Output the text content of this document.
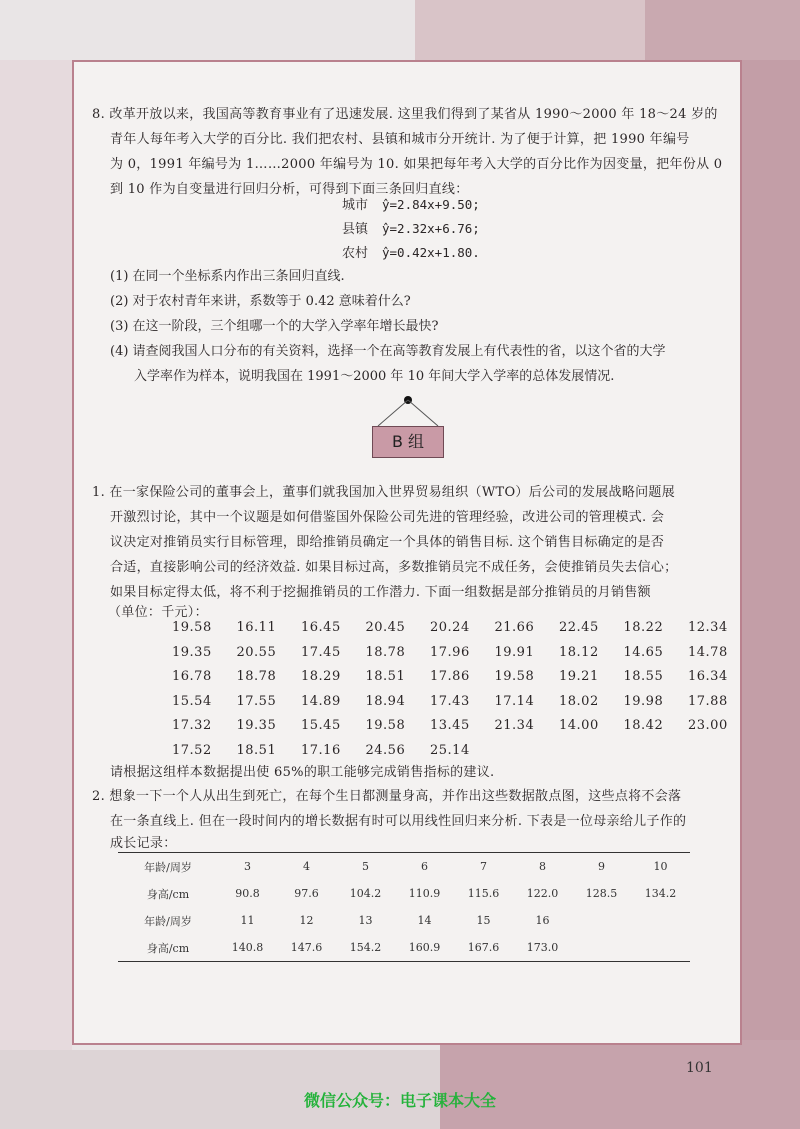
8. 改革开放以来，我国高等教育事业有了迅速发展. 这里我们得到了某省从 1990～2000 年 18～24 岁的
青年人每年考入大学的百分比. 我们把农村、县镇和城市分开统计. 为了便于计算，把 1990 年编号
为 0，1991 年编号为 1……2000 年编号为 10. 如果把每年考入大学的百分比作为因变量，把年份从 0
到 10 作为自变量进行回归分析，可得到下面三条回归直线：
城市 ŷ=2.84x+9.50;
县镇 ŷ=2.32x+6.76;
农村 ŷ=0.42x+1.80.
(1) 在同一个坐标系内作出三条回归直线.
(2) 对于农村青年来讲，系数等于 0.42 意味着什么?
(3) 在这一阶段，三个组哪一个的大学入学率年增长最快?
(4) 请查阅我国人口分布的有关资料，选择一个在高等教育发展上有代表性的省，以这个省的大学
入学率作为样本，说明我国在 1991～2000 年 10 年间大学入学率的总体发展情况.
B 组
1. 在一家保险公司的董事会上，董事们就我国加入世界贸易组织（WTO）后公司的发展战略问题展
开激烈讨论，其中一个议题是如何借鉴国外保险公司先进的管理经验，改进公司的管理模式. 会
议决定对推销员实行目标管理，即给推销员确定一个具体的销售目标. 这个销售目标确定的是否
合适，直接影响公司的经济效益. 如果目标过高，多数推销员完不成任务，会使推销员失去信心；
如果目标定得太低，将不利于挖掘推销员的工作潜力. 下面一组数据是部分推销员的月销售额
（单位：千元）：
19.58	16.11	16.45	20.45	20.24	21.66	22.45	18.22	12.34
19.35	20.55	17.45	18.78	17.96	19.91	18.12	14.65	14.78
16.78	18.78	18.29	18.51	17.86	19.58	19.21	18.55	16.34
15.54	17.55	14.89	18.94	17.43	17.14	18.02	19.98	17.88
17.32	19.35	15.45	19.58	13.45	21.34	14.00	18.42	23.00
17.52	18.51	17.16	24.56	25.14
请根据这组样本数据提出使 65%的职工能够完成销售指标的建议.
2. 想象一下一个人从出生到死亡，在每个生日都测量身高，并作出这些数据散点图，这些点将不会落
在一条直线上. 但在一段时间内的增长数据有时可以用线性回归来分析. 下表是一位母亲给儿子作的
成长记录：
年龄/周岁	3	4	5	6	7	8	9	10
身高/cm	90.8	97.6	104.2	110.9	115.6	122.0	128.5	134.2
年龄/周岁	11	12	13	14	15	16		
身高/cm	140.8	147.6	154.2	160.9	167.6	173.0		
101
微信公众号：电子课本大全
